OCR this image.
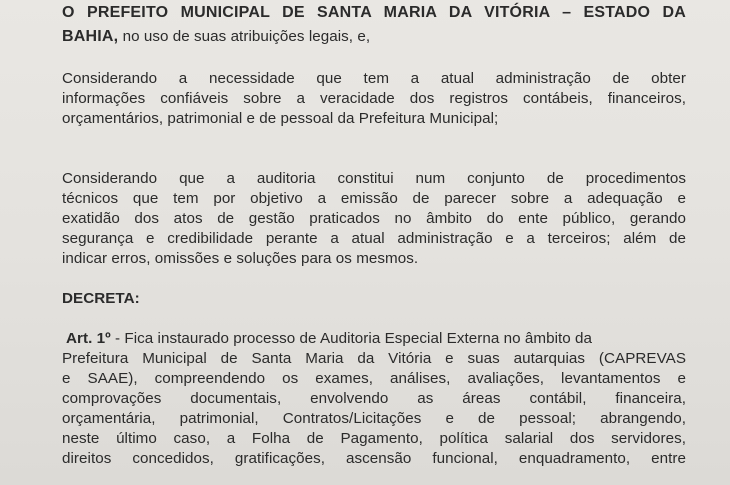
O PREFEITO MUNICIPAL DE SANTA MARIA DA VITÓRIA – ESTADO DA
BAHIA, no uso de suas atribuições legais, e,
Considerando a necessidade que tem a atual administração de obter
informações confiáveis sobre a veracidade dos registros contábeis, financeiros,
orçamentários, patrimonial e de pessoal da Prefeitura Municipal;
Considerando que a auditoria constitui num conjunto de procedimentos
técnicos que tem por objetivo a emissão de parecer sobre a adequação e
exatidão dos atos de gestão praticados no âmbito do ente público, gerando
segurança e credibilidade perante a atual administração e a terceiros; além de
indicar erros, omissões e soluções para os mesmos.
DECRETA:
Art. 1º - Fica instaurado processo de Auditoria Especial Externa no âmbito da
Prefeitura Municipal de Santa Maria da Vitória e suas autarquias (CAPREVAS
e SAAE), compreendendo os exames, análises, avaliações, levantamentos e
comprovações documentais, envolvendo as áreas contábil, financeira,
orçamentária, patrimonial, Contratos/Licitações e de pessoal; abrangendo,
neste último caso, a Folha de Pagamento, política salarial dos servidores,
direitos concedidos, gratificações, ascensão funcional, enquadramento, entre
